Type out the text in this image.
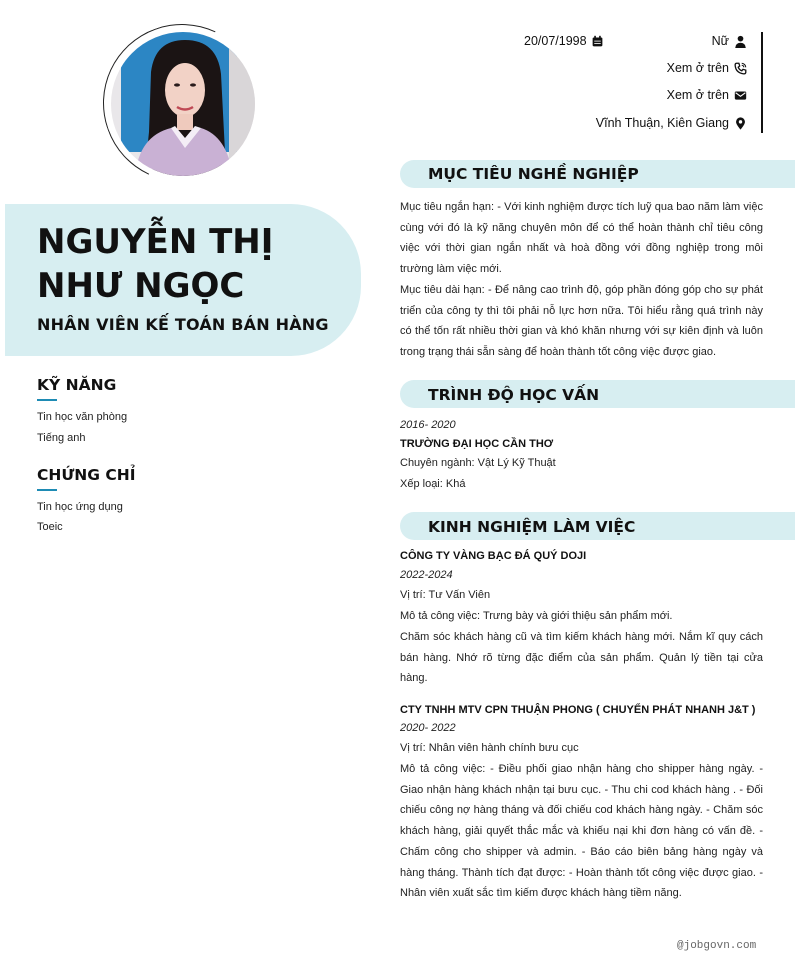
NGUYỄN THỊ NHƯ NGỌC
NHÂN VIÊN KẾ TOÁN BÁN HÀNG
KỸ NĂNG
Tin học văn phòng
Tiếng anh
CHỨNG CHỈ
Tin học ứng dụng
Toeic
20/07/1998	Nữ
Xem ở trên
Xem ở trên
Vĩnh Thuận, Kiên Giang
MỤC TIÊU NGHỀ NGHIỆP
Mục tiêu ngắn hạn: - Với kinh nghiệm được tích luỹ qua bao năm làm việc cùng với đó là kỹ năng chuyên môn để có thể hoàn thành chỉ tiêu công việc với thời gian ngắn nhất và hoà đồng với đồng nghiệp trong môi trường làm việc mới.
Mục tiêu dài hạn: - Để nâng cao trình độ, góp phần đóng góp cho sự phát triển của công ty thì tôi phải nỗ lực hơn nữa. Tôi hiểu rằng quá trình này có thể tốn rất nhiều thời gian và khó khăn nhưng với sự kiên định và luôn trong trạng thái sẵn sàng để hoàn thành tốt công việc được giao.
TRÌNH ĐỘ HỌC VẤN
2016- 2020
TRƯỜNG ĐẠI HỌC CẦN THƠ
Chuyên ngành: Vật Lý Kỹ Thuật
Xếp loại: Khá
KINH NGHIỆM LÀM VIỆC
CÔNG TY VÀNG BẠC ĐÁ QUÝ DOJI
2022-2024
Vị trí: Tư Vấn Viên
Mô tả công việc: Trưng bày và giới thiệu sản phẩm mới.
Chăm sóc khách hàng cũ và tìm kiếm khách hàng mới. Nắm kĩ quy cách bán hàng. Nhớ rõ từng đặc điểm của sản phẩm. Quản lý tiền tại cửa hàng.
CTY TNHH MTV CPN THUẬN PHONG ( CHUYỂN PHÁT NHANH J&T )
2020- 2022
Vị trí: Nhân viên hành chính bưu cục
Mô tả công việc: - Điều phối giao nhận hàng cho shipper hàng ngày. - Giao nhận hàng khách nhận tại bưu cục. - Thu chi cod khách hàng . - Đối chiếu công nợ hàng tháng và đối chiếu cod khách hàng ngày. - Chăm sóc khách hàng, giải quyết thắc mắc và khiếu nại khi đơn hàng có vấn đề. - Chấm công cho shipper và admin. - Báo cáo biên bảng hàng ngày và hàng tháng. Thành tích đạt được: - Hoàn thành tốt công việc được giao. - Nhân viên xuất sắc tìm kiếm được khách hàng tiềm năng.
@jobgovn.com
